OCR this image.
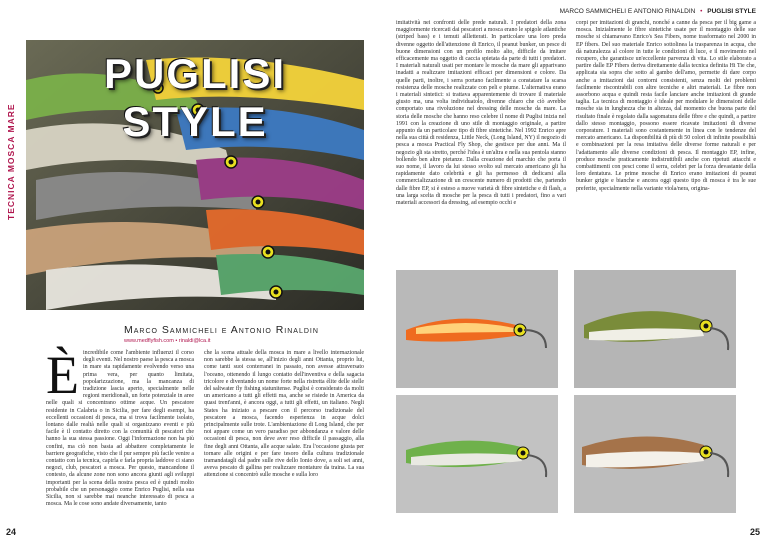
TECNICA MOSCA MARE
PUGLISI STYLE
Marco Sammicheli e Antonio Rinaldin
www.medflyfish.com • rinaldi@lca.it
È incredibile come l'ambiente influenzi il corso degli eventi. Nel nostro paese la pesca a mosca in mare sta rapidamente evolvendo verso una prima vera, per quanto limitata, popolarizzazione, ma la mancanza di tradizione lascia aperto, specialmente nelle regioni meridionali, un forte potenziale in aree nelle quali si concentrano ottime acque. Un pescatore residente in Calabria o in Sicilia, per fare degli esempi, ha eccellenti occasioni di pesca, ma si trova facilmente isolato, lontano dalle realtà nelle quali si organizzano eventi e più facile è il contatto diretto con la comunità di pescatori che hanno la sua stessa passione. Oggi l'informazione non ha più confini, ma ciò non basta ad abbattere completamente le barriere geografiche, visto che il pur sempre più facile venire a contatto con la tecnica, capirla e farla propria laddove ci siano negozi, club, pescatori a mosca. Per questo, mancandone il contesto, da alcune zone non sono ancora giunti agli sviluppi importanti per la scena della nostra pesca ed è quindi molto probabile che un personaggio come Enrico Puglisi, nella sua Sicilia, non si sarebbe mai neanche interessato di pesca a mosca. Ma le cose sono andate diversamente, tanto

che la scena attuale della mosca in mare a livello internazionale non sarebbe la stessa se, all'inizio degli anni Ottanta, proprio lui, come tanti suoi conterranei in passato, non avesse attraversato l'oceano, ottenendo il lungo contatto dell'inventiva e della sagacia tricolore e diventando un nome forte nella ristretta élite delle stelle del saltwater fly fishing statunitense. Puglisi è considerato da molti un americano a tutti gli effetti ma, anche se risiede in America da quasi trent'anni, è ancora oggi, a tutti gli effetti, un italiano. Negli States ha iniziato a pescare con il percorso tradizionale del pescatore a mosca, facendo esperienza in acque dolci principalmente sulle trote. L'ambientazione di Long Island, che per noi appare come un vero paradiso per abbondanza e valore delle occasioni di pesca, non deve aver reso difficile il passaggio, alla fine degli anni Ottanta, alle acque salate. Era l'occasione giusta per tornare alle origini e per fare tesoro della cultura tradizionale tramandatagli dal padre sulle rive dello Ionio dove, a soli sei anni, aveva pescato di gallina per realizzare montature da traina. La sua attenzione si concentrò sulle mosche e sulla loro

24
MARCO SAMMICHELI E ANTONIO RINALDIN • PUGLISI STYLE

imitatività nei confronti delle prede naturali. I predatori della zona maggiormente ricercati dai pescatori a mosca erano le spigole atlantiche (striped bass) e i temuti allletterati. In particolare una loro preda divenne oggetto dell'attenzione di Enrico, il peanut bunker, un pesce di buone dimensioni con un profilo molto alto, difficile da imitare efficacemente ma oggetto di caccia spietata da parte di tutti i predatori. I materiali naturali usati per montare le mosche da mare gli apparivano inadatti a realizzare imitazioni efficaci per dimensioni e colore. Da quelle parti, inoltre, i serra portano facilmente a constatare la scarsa resistenza delle mosche realizzate con peli e piume. L'alternativa erano i materiali sintetici: si trattava apparentemente di trovare il materiale giusto ma, una volta individuatolo, divenne chiaro che ciò avrebbe comportato una rivoluzione nel dressing delle mosche da mare. La storia delle mosche che hanno reso celebre il nome di Puglisi inizia nel 1991 con la creazione di uno stile di montaggio originale, a partire appunto da un particolare tipo di fibre sintetiche. Nel 1992 Enrico apre nella sua città di residenza, Little Neck, (Long Island, NY) il negozio di pesca a mosca Practical Fly Shop, che gestisce per due anni. Ma il negozio gli sta stretto, perché l'idea è un'altra e nella sua pentola stanno bollendo ben altre pietanze. Dalla creazione del marchio che porta il suo nome, il lavoro da lui stesso svolto sul mercato americano gli ha rapidamente dato celebrità e gli ha permesso di dedicarsi alla commercializzazione di un crescente numero di prodotti che, partendo dalle fibre EP, si è esteso a nuove varietà di fibre sintetiche e di flash, a una larga scelta di mosche per la pesca di tutti i predatori, fino a vari materiali accessori da dressing, ad esempio occhi e

corpi per imitazioni di granchi, nonché a canne da pesca per il big game a mosca. Inizialmente le fibre sintetiche usate per il montaggio delle sue mosche si chiamavano Enrico's Sea Fibers, nome trasformato nel 2000 in EP fibers. Del suo materiale Enrico sottolinea la trasparenza in acqua, che dà naturalezza al colore in tutte le condizioni di luce, e il movimento nel recupero, che garantisce un'eccellente parvenza di vita. Lo stile elaborato a partire dalle EP Fibers deriva direttamente dalla tecnica definita Hi Tie che, applicata sia sopra che sotto al gambo dell'amo, permette di dare corpo anche a imitazioni dai contorni consistenti, senza molti dei problemi facilmente riscontrabili con altre tecniche e altri materiali. Le fibre non assorbono acqua e quindi resta facile lanciare anche imitazioni di grande taglia. La tecnica di montaggio è ideale per modulare le dimensioni delle mosche sia in lunghezza che in altezza, dal momento che buona parte del risultato finale è regolato dalla sagomatura delle fibre e che quindi, a partire dallo stesso montaggio, possono essere ricavate imitazioni di diverse corporature. I materiali sono costantemente in linea con le tendenze del mercato americano. La disponibilità di più di 50 colori di infinite possibilità e combinazioni per la resa imitativa delle diverse forme naturali e per l'adattamento alle diverse condizioni di pesca. Il montaggio EP, infine, produce mosche praticamente indistruttibili anche con ripetuti attacchi e combattimenti con pesci come il serra, celebri per la forza devastante della loro dentatura. Le prime mosche di Enrico erano imitazioni di peanut bunker grigie e bianche e ancora oggi questo tipo di mosca è tra le sue preferite, specialmente nella variante viola/nera, origina-

25
